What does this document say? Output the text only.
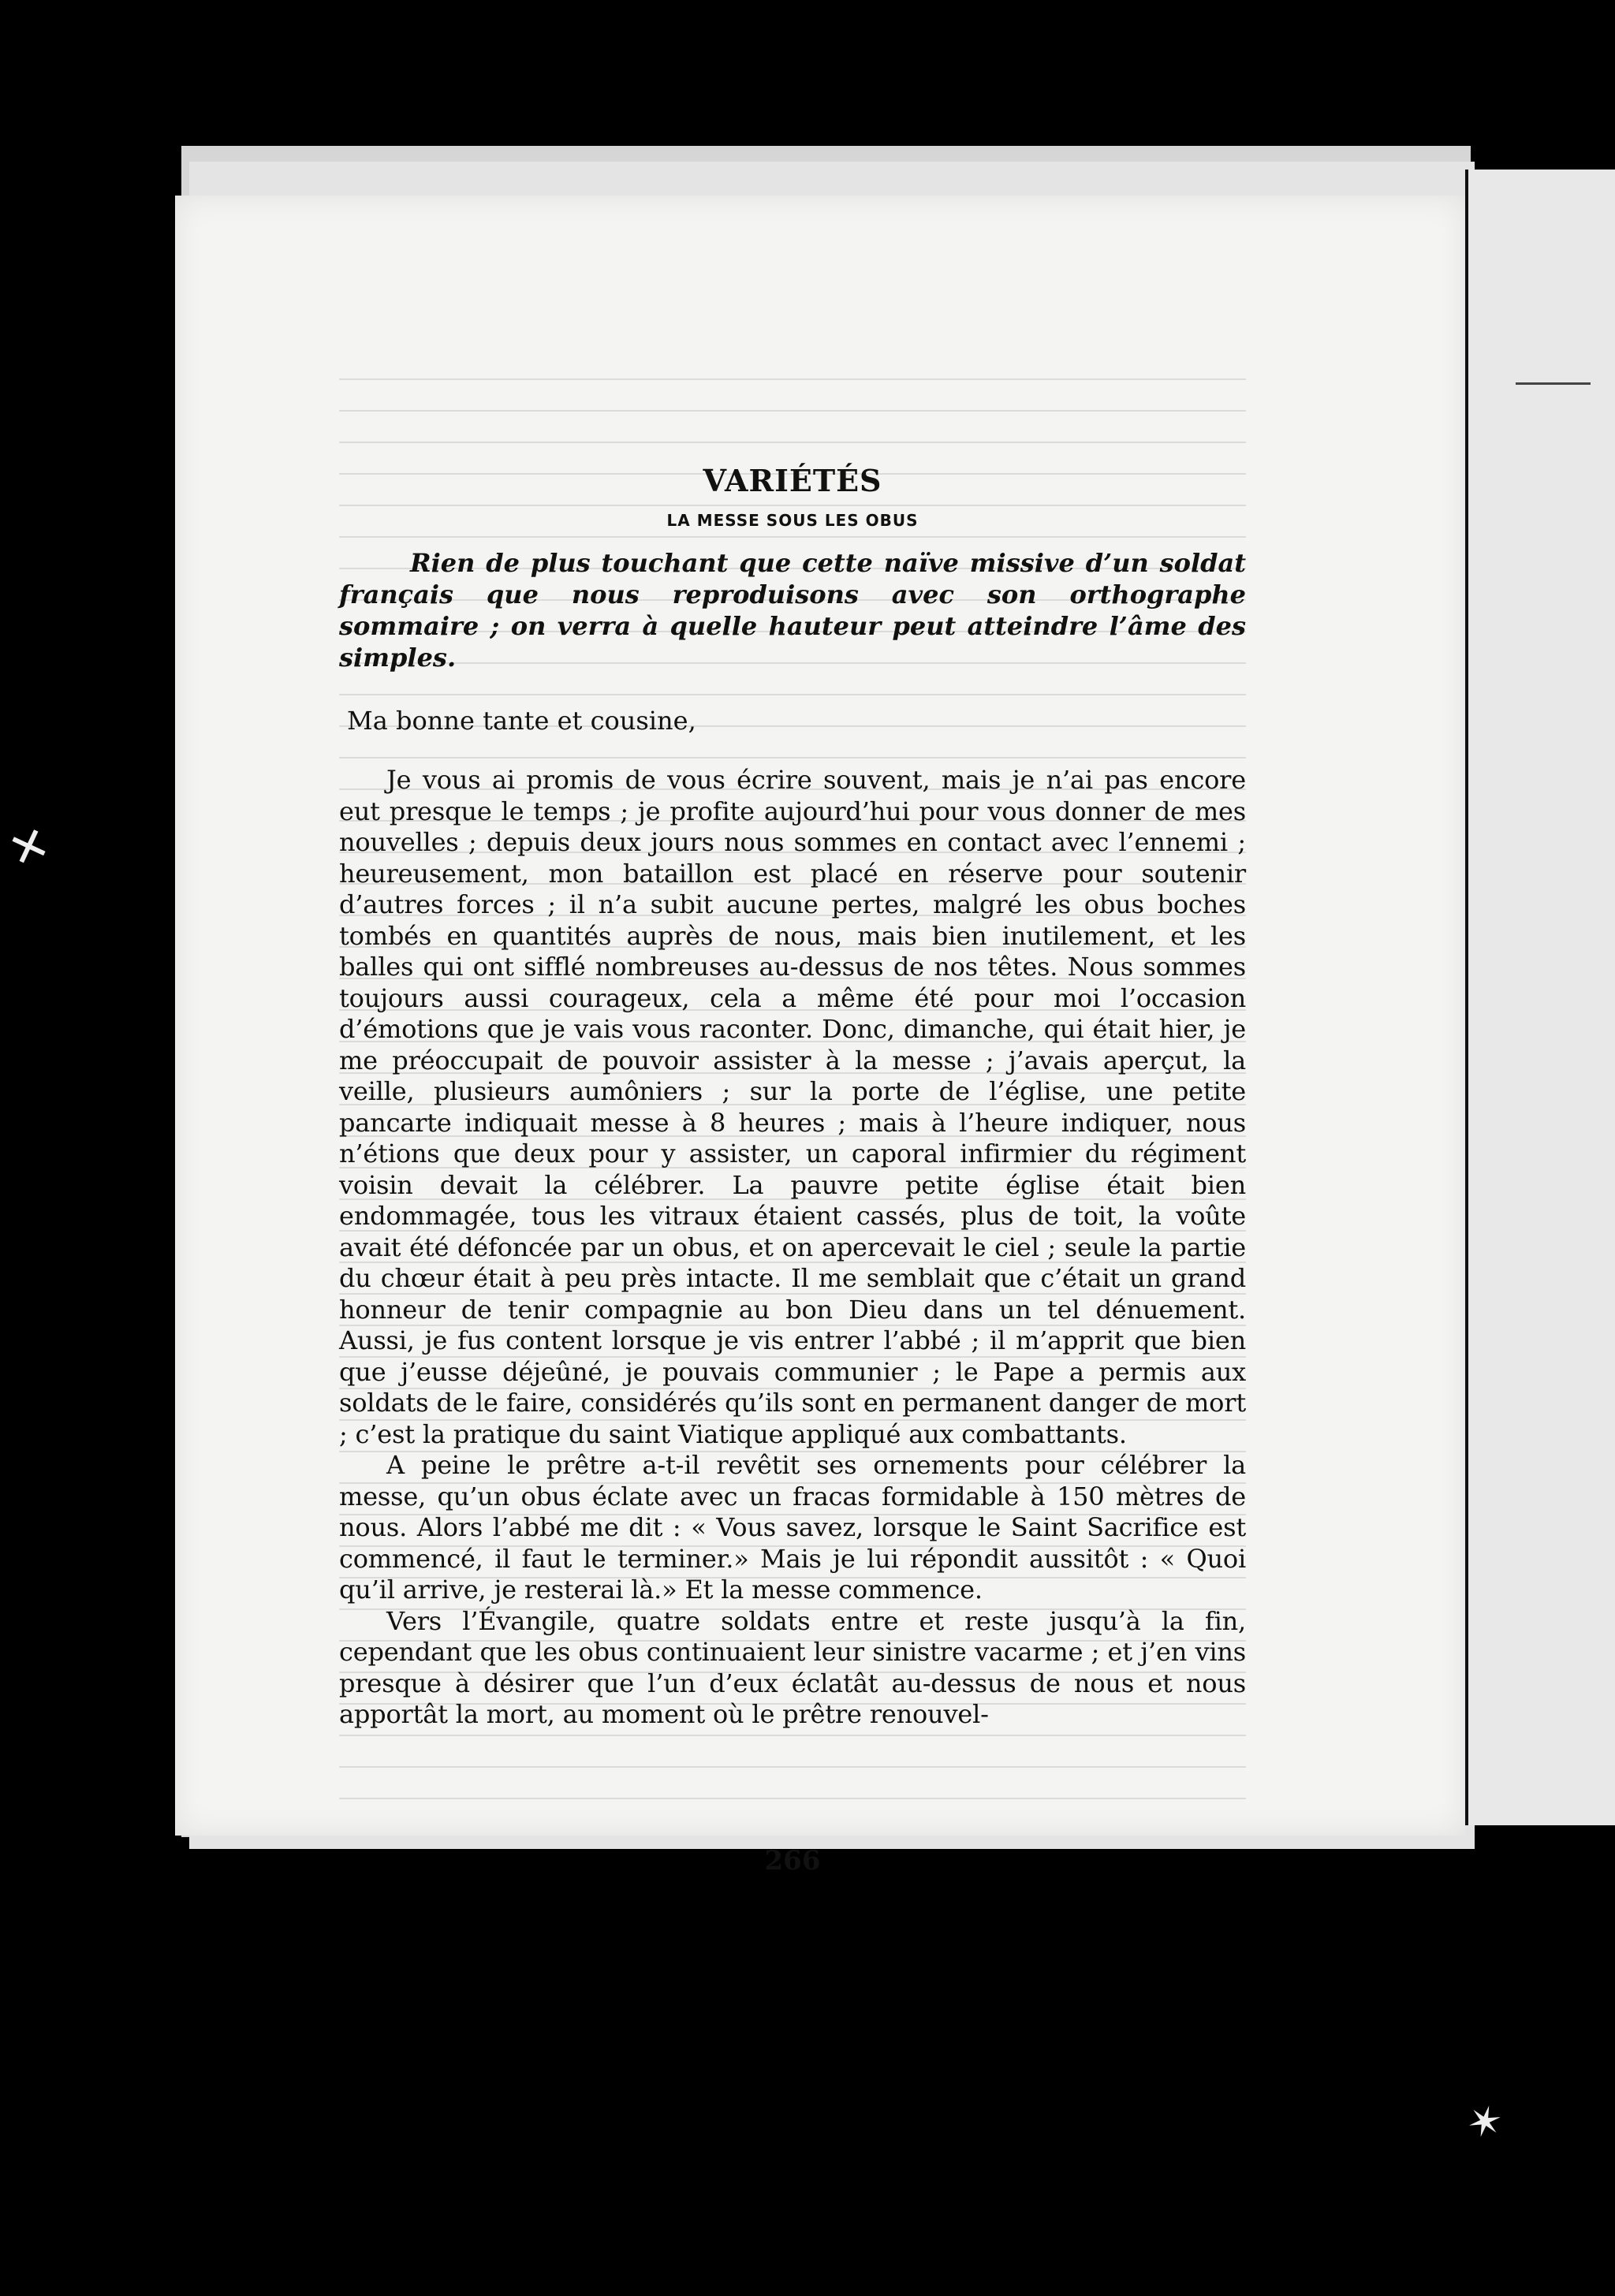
VARIÉTÉS
LA MESSE SOUS LES OBUS

Rien de plus touchant que cette naïve missive d’un soldat français que nous reproduisons avec son orthographe sommaire ; on verra à quelle hauteur peut atteindre l’âme des simples.

Ma bonne tante et cousine,

Je vous ai promis de vous écrire souvent, mais je n’ai pas encore eut presque le temps ; je profite aujourd’hui pour vous donner de mes nouvelles ; depuis deux jours nous sommes en contact avec l’ennemi ; heureusement, mon bataillon est placé en réserve pour soutenir d’autres forces ; il n’a subit aucune pertes, malgré les obus boches tombés en quantités auprès de nous, mais bien inutilement, et les balles qui ont sifflé nombreuses au-dessus de nos têtes. Nous sommes toujours aussi courageux, cela a même été pour moi l’occasion d’émotions que je vais vous raconter. Donc, dimanche, qui était hier, je me préoccupait de pouvoir assister à la messe ; j’avais aperçut, la veille, plusieurs aumôniers ; sur la porte de l’église, une petite pancarte indiquait messe à 8 heures ; mais à l’heure indiquer, nous n’étions que deux pour y assister, un caporal infirmier du régiment voisin devait la célébrer. La pauvre petite église était bien endommagée, tous les vitraux étaient cassés, plus de toit, la voûte avait été défoncée par un obus, et on apercevait le ciel ; seule la partie du chœur était à peu près intacte. Il me semblait que c’était un grand honneur de tenir compagnie au bon Dieu dans un tel dénuement. Aussi, je fus content lorsque je vis entrer l’abbé ; il m’apprit que bien que j’eusse déjeûné, je pouvais communier ; le Pape a permis aux soldats de le faire, considérés qu’ils sont en permanent danger de mort ; c’est la pratique du saint Viatique appliqué aux combattants.

A peine le prêtre a-t-il revêtit ses ornements pour célébrer la messe, qu’un obus éclate avec un fracas formidable à 150 mètres de nous. Alors l’abbé me dit : « Vous savez, lorsque le Saint Sacrifice est commencé, il faut le terminer.» Mais je lui répondit aussitôt : « Quoi qu’il arrive, je resterai là.» Et la messe commence.

Vers l’Évangile, quatre soldats entre et reste jusqu’à la fin, cependant que les obus continuaient leur sinistre vacarme ; et j’en vins presque à désirer que l’un d’eux éclatât au-dessus de nous et nous apportât la mort, au moment où le prêtre renouvel-

266
✕
✶
